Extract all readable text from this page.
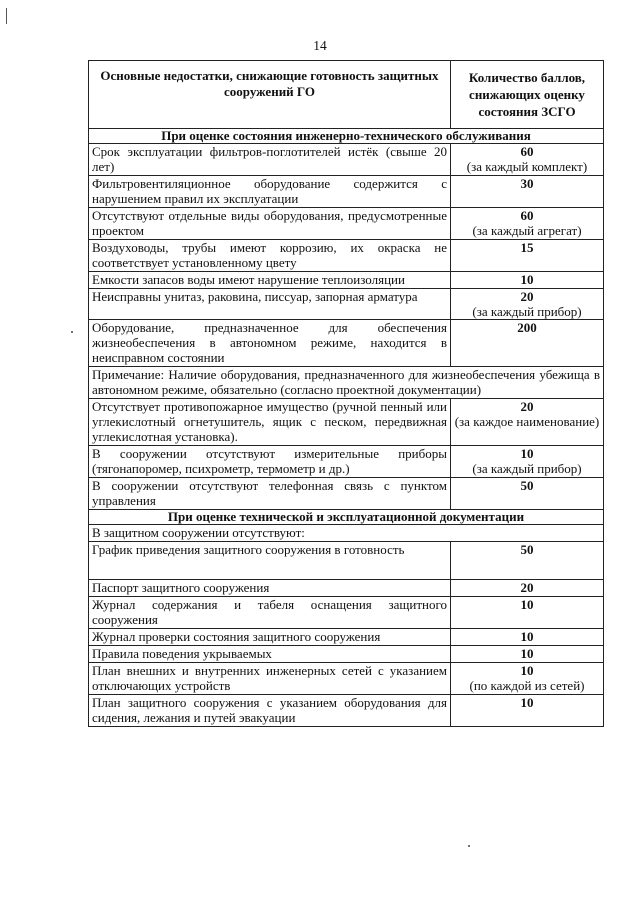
14
Основные недостатки, снижающие готовность защитных сооружений ГО	Количество баллов, снижающих оценку состояния ЗСГО
При оценке состояния инженерно-технического обслуживания	
Срок эксплуатации фильтров-поглотителей истёк (свыше 20 лет)	60
(за каждый комплект)

Фильтровентиляционное оборудование содержится с нарушением правил их эксплуатации	30

Отсутствуют отдельные виды оборудования, предусмотренные проектом	60
(за каждый агрегат)

Воздуховоды, трубы имеют коррозию, их окраска не соответствует установленному цвету	15

Емкости запасов воды имеют нарушение теплоизоляции	10

Неисправны унитаз, раковина, писсуар, запорная арматура	20
(за каждый прибор)

Оборудование, предназначенное для обеспечения жизнеобеспечения в автономном режиме, находится в неисправном состоянии	200

Примечание: Наличие оборудования, предназначенного для жизнеобеспечения убежища в автономном режиме, обязательно (согласно проектной документации)	
Отсутствует противопожарное имущество (ручной пенный или углекислотный огнетушитель, ящик с песком, передвижная углекислотная установка).	20
(за каждое наименование)

В сооружении отсутствуют измерительные приборы (тягонапоромер, психрометр, термометр и др.)	10
(за каждый прибор)

В сооружении отсутствуют телефонная связь с пунктом управления	50

При оценке технической и эксплуатационной документации	
В защитном сооружении отсутствуют:	
График приведения защитного сооружения в готовность	50

Паспорт защитного сооружения	20

Журнал содержания и табеля оснащения защитного сооружения	10

Журнал проверки состояния защитного сооружения	10

Правила поведения укрываемых	10

План внешних и внутренних инженерных сетей с указанием отключающих устройств	10
(по каждой из сетей)

План защитного сооружения с указанием оборудования для сидения, лежания и путей эвакуации	10
